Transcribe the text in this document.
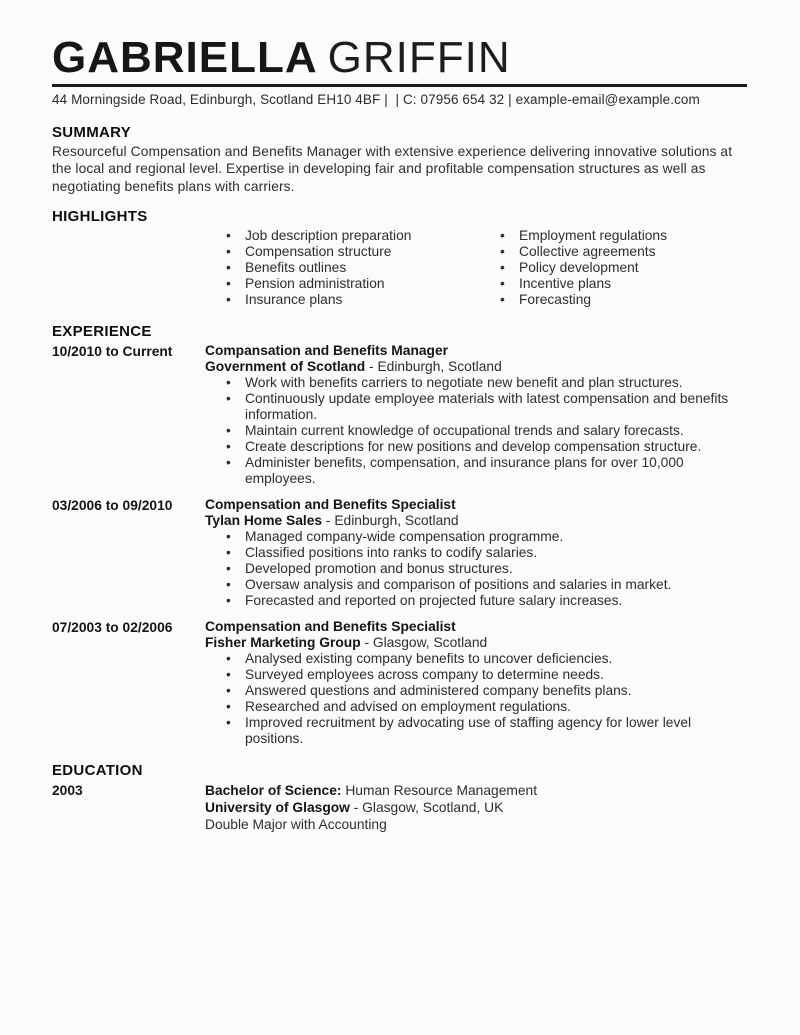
GABRIELLA GRIFFIN
44 Morningside Road, Edinburgh, Scotland EH10 4BF |  | C: 07956 654 32 | example-email@example.com
SUMMARY
Resourceful Compensation and Benefits Manager with extensive experience delivering innovative solutions at the local and regional level. Expertise in developing fair and profitable compensation structures as well as negotiating benefits plans with carriers.
HIGHLIGHTS
• Job description preparation
• Compensation structure
• Benefits outlines
• Pension administration
• Insurance plans
• Employment regulations
• Collective agreements
• Policy development
• Incentive plans
• Forecasting
EXPERIENCE
10/2010 to Current	Compansation and Benefits Manager
Government of Scotland - Edinburgh, Scotland
• Work with benefits carriers to negotiate new benefit and plan structures.
• Continuously update employee materials with latest compensation and benefits information.
• Maintain current knowledge of occupational trends and salary forecasts.
• Create descriptions for new positions and develop compensation structure.
• Administer benefits, compensation, and insurance plans for over 10,000 employees.
03/2006 to 09/2010	Compensation and Benefits Specialist
Tylan Home Sales - Edinburgh, Scotland
• Managed company-wide compensation programme.
• Classified positions into ranks to codify salaries.
• Developed promotion and bonus structures.
• Oversaw analysis and comparison of positions and salaries in market.
• Forecasted and reported on projected future salary increases.
07/2003 to 02/2006	Compensation and Benefits Specialist
Fisher Marketing Group - Glasgow, Scotland
• Analysed existing company benefits to uncover deficiencies.
• Surveyed employees across company to determine needs.
• Answered questions and administered company benefits plans.
• Researched and advised on employment regulations.
• Improved recruitment by advocating use of staffing agency for lower level positions.
EDUCATION
2003	Bachelor of Science: Human Resource Management
University of Glasgow - Glasgow, Scotland, UK
Double Major with Accounting
